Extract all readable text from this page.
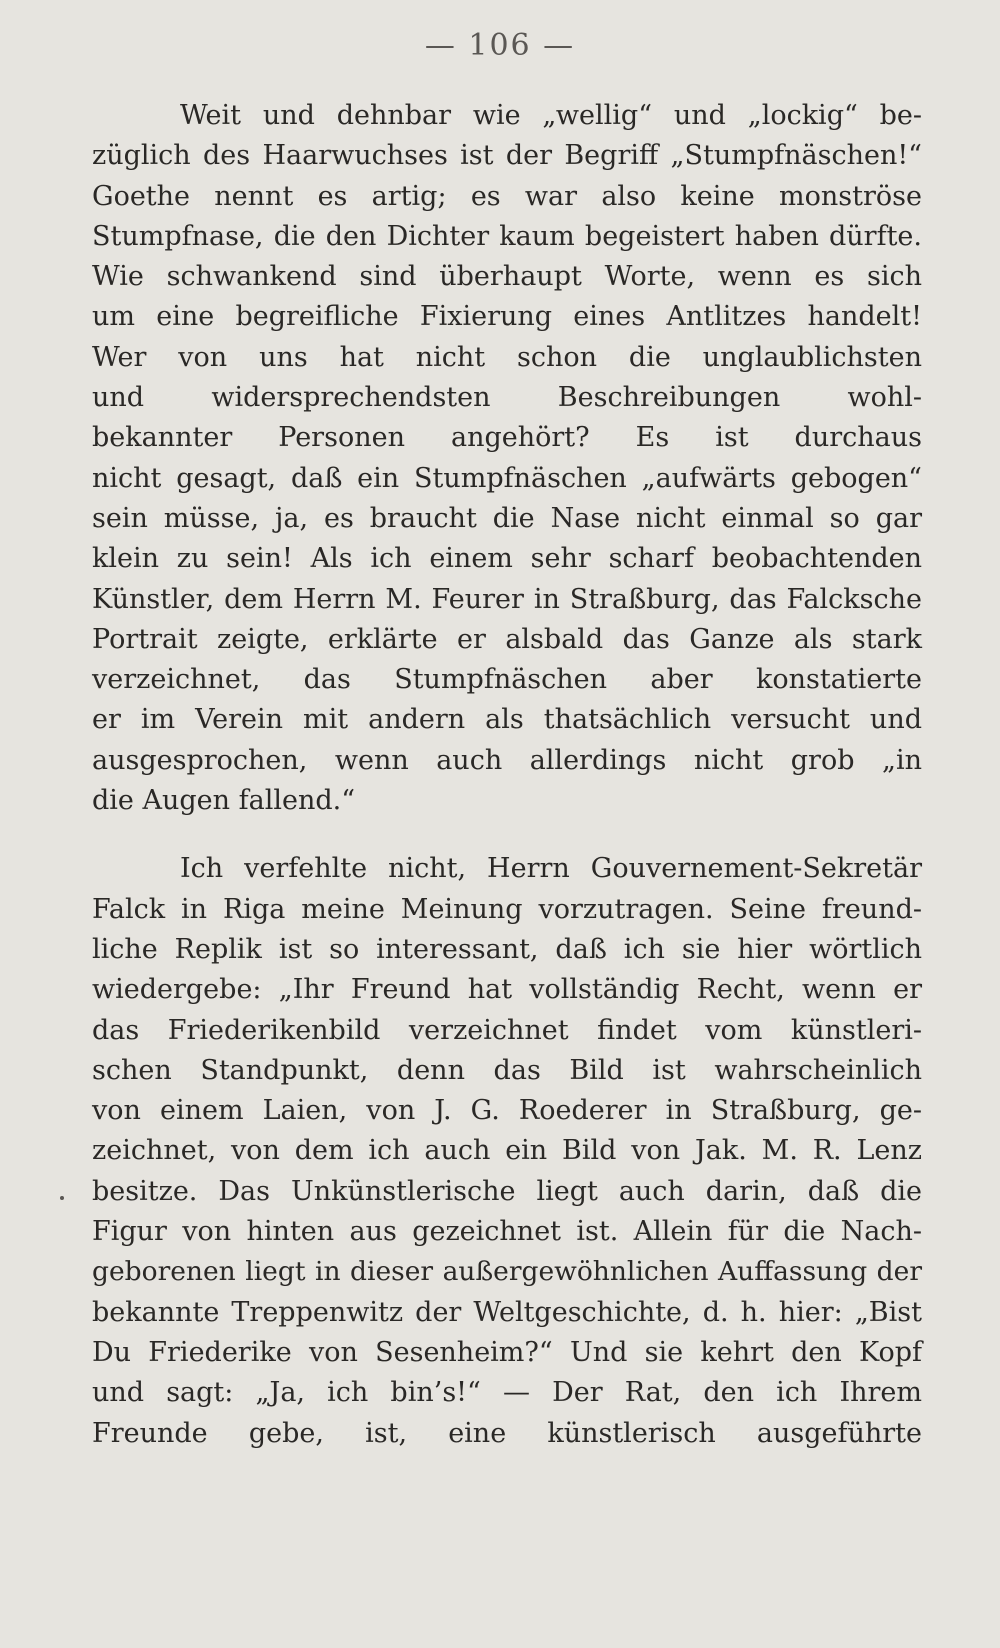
— 106 —
Weit und dehnbar wie „wellig“ und „lockig“ be-
züglich des Haarwuchses ist der Begriff „Stumpfnäschen!“
Goethe nennt es artig; es war also keine monströse
Stumpfnase, die den Dichter kaum begeistert haben dürfte.
Wie schwankend sind überhaupt Worte, wenn es sich
um eine begreifliche Fixierung eines Antlitzes handelt!
Wer von uns hat nicht schon die unglaublichsten
und widersprechendsten Beschreibungen wohl-
bekannter Personen angehört? Es ist durchaus
nicht gesagt, daß ein Stumpfnäschen „aufwärts gebogen“
sein müsse, ja, es braucht die Nase nicht einmal so gar
klein zu sein! Als ich einem sehr scharf beobachtenden
Künstler, dem Herrn M. Feurer in Straßburg, das Falcksche
Portrait zeigte, erklärte er alsbald das Ganze als stark
verzeichnet, das Stumpfnäschen aber konstatierte
er im Verein mit andern als thatsächlich versucht und
ausgesprochen, wenn auch allerdings nicht grob „in
die Augen fallend.“
Ich verfehlte nicht, Herrn Gouvernement-Sekretär
Falck in Riga meine Meinung vorzutragen. Seine freund-
liche Replik ist so interessant, daß ich sie hier wörtlich
wiedergebe: „Ihr Freund hat vollständig Recht, wenn er
das Friederikenbild verzeichnet findet vom künstleri-
schen Standpunkt, denn das Bild ist wahrscheinlich
von einem Laien, von J. G. Roederer in Straßburg, ge-
zeichnet, von dem ich auch ein Bild von Jak. M. R. Lenz
besitze. Das Unkünstlerische liegt auch darin, daß die
Figur von hinten aus gezeichnet ist. Allein für die Nach-
geborenen liegt in dieser außergewöhnlichen Auffassung der
bekannte Treppenwitz der Weltgeschichte, d. h. hier: „Bist
Du Friederike von Sesenheim?“ Und sie kehrt den Kopf
und sagt: „Ja, ich bin’s!“ — Der Rat, den ich Ihrem
Freunde gebe, ist, eine künstlerisch ausgeführte
